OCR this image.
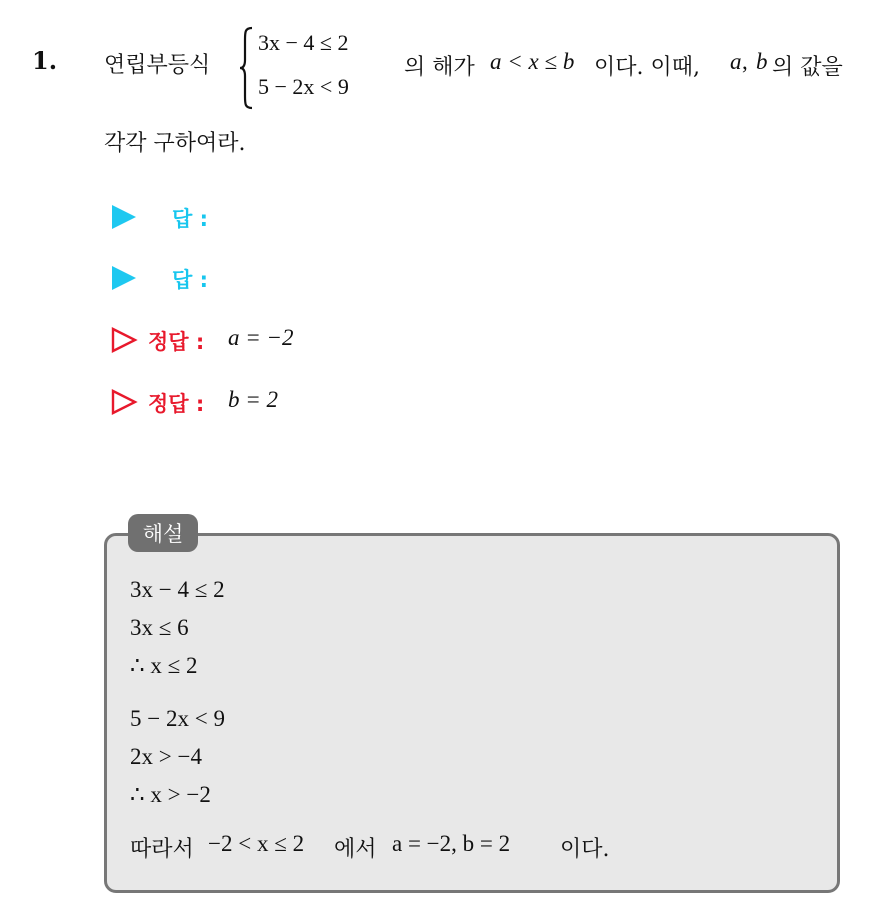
1. 연립부등식
3x − 4 ≤ 2
5 − 2x < 9
의 해가 a < x ≤ b 이다. 이때, a , b 의 값을
각각 구하여라.
답 :
답 :
정답 : a = −2
정답 : b = 2
해설
3x − 4 ≤ 2
3x ≤ 6
∴ x ≤ 2
5 − 2x < 9
2x > −4
∴ x > −2
따라서 −2 < x ≤ 2 에서 a = −2, b = 2 이다.
